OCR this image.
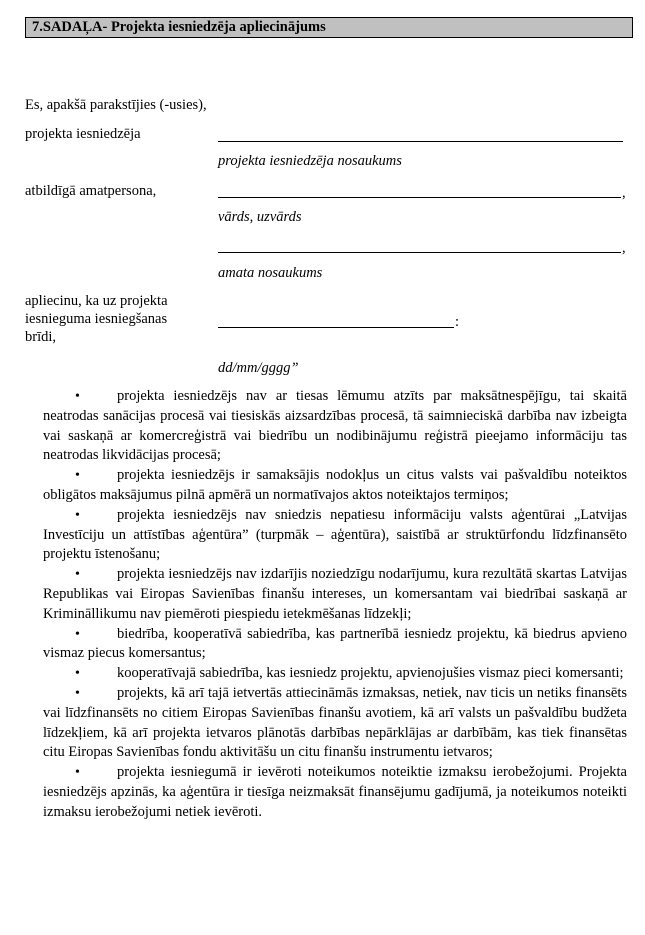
7.SADAĻA- Projekta iesniedzēja apliecinājums
Es, apakšā parakstījies (-usies),
projekta iesniedzēja
projekta iesniedzēja nosaukums
atbildīgā amatpersona,	,
vārds, uzvārds
,
amata nosaukums
apliecinu, ka uz projekta
iesnieguma iesniegšanas
brīdi,
:
dd/mm/gggg”
•	projekta iesniedzējs nav ar tiesas lēmumu atzīts par maksātnespējīgu, tai skaitā neatrodas sanācijas procesā vai tiesiskās aizsardzības procesā, tā saimnieciskā darbība nav izbeigta vai saskaņā ar komercreģistrā vai biedrību un nodibinājumu reģistrā pieejamo informāciju tas neatrodas likvidācijas procesā;
•	projekta iesniedzējs ir samaksājis nodokļus un citus valsts vai pašvaldību noteiktos obligātos maksājumus pilnā apmērā un normatīvajos aktos noteiktajos termiņos;
•	projekta iesniedzējs nav sniedzis nepatiesu informāciju valsts aģentūrai „Latvijas Investīciju un attīstības aģentūra” (turpmāk – aģentūra), saistībā ar struktūrfondu līdzfinansēto projektu īstenošanu;
•	projekta iesniedzējs nav izdarījis noziedzīgu nodarījumu, kura rezultātā skartas Latvijas Republikas vai Eiropas Savienības finanšu intereses, un komersantam vai biedrībai saskaņā ar Krimināllikumu nav piemēroti piespiedu ietekmēšanas līdzekļi;
•	biedrība, kooperatīvā sabiedrība, kas partnerībā iesniedz projektu, kā biedrus apvieno vismaz piecus komersantus;
•	kooperatīvajā sabiedrība, kas iesniedz projektu, apvienojušies vismaz pieci komersanti;
•	projekts, kā arī tajā ietvertās attiecināmās izmaksas, netiek, nav ticis un netiks finansēts vai līdzfinansēts no citiem Eiropas Savienības finanšu avotiem, kā arī valsts un pašvaldību budžeta līdzekļiem, kā arī projekta ietvaros plānotās darbības nepārklājas ar darbībām, kas tiek finansētas citu Eiropas Savienības fondu aktivitāšu un citu finanšu instrumentu ietvaros;
•	projekta iesniegumā ir ievēroti noteikumos noteiktie izmaksu ierobežojumi. Projekta iesniedzējs apzinās, ka aģentūra ir tiesīga neizmaksāt finansējumu gadījumā, ja noteikumos noteikti izmaksu ierobežojumi netiek ievēroti.
